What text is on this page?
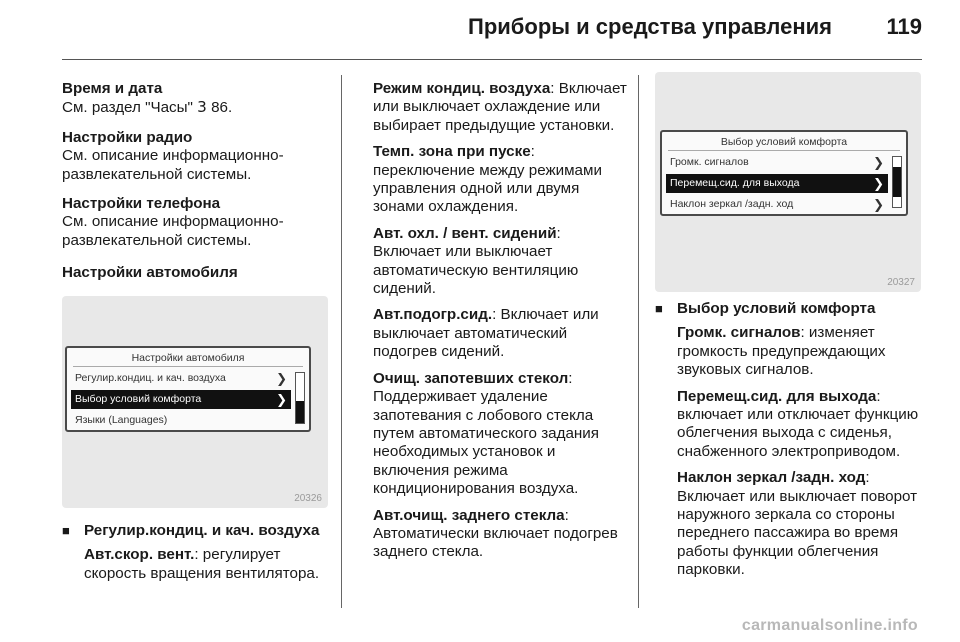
Приборы и средства управления 119

Время и дата

См. раздел "Часы" 3 86.

Настройки радио

См. описание информационно-развлекательной системы.

Настройки телефона

См. описание информационно-развлекательной системы.

Настройки автомобиля

Настройки автомобиля
Регулир.кондиц. и кач. воздуха	❯
Выбор условий комфорта	❯
Языки (Languages)
20326
■ Регулир.кондиц. и кач. воздуха

Авт.скор. вент.: регулирует скорость вращения вентилятора.

Режим кондиц. воздуха: Включает или выключает охлаждение или выбирает предыдущие установки.

Темп. зона при пуске: переключение между режимами управления одной или двумя зонами охлаждения.

Авт. охл. / вент. сидений: Включает или выключает автоматическую вентиляцию сидений.

Авт.подогр.сид.: Включает или выключает автоматический подогрев сидений.

Очищ. запотевших стекол: Поддерживает удаление запотевания с лобового стекла путем автоматического задания необходимых установок и включения режима кондиционирования воздуха.

Авт.очищ. заднего стекла: Автоматически включает подогрев заднего стекла.

Выбор условий комфорта
Громк. сигналов	❯
Перемещ.сид. для выхода	❯
Наклон зеркал /задн. ход	❯
20327
■ Выбор условий комфорта

Громк. сигналов: изменяет громкость предупреждающих звуковых сигналов.

Перемещ.сид. для выхода: включает или отключает функцию облегчения выхода с сиденья, снабженного электроприводом.

Наклон зеркал /задн. ход: Включает или выключает поворот наружного зеркала со стороны переднего пассажира во время работы функции облегчения парковки.

carmanualsonline.info
